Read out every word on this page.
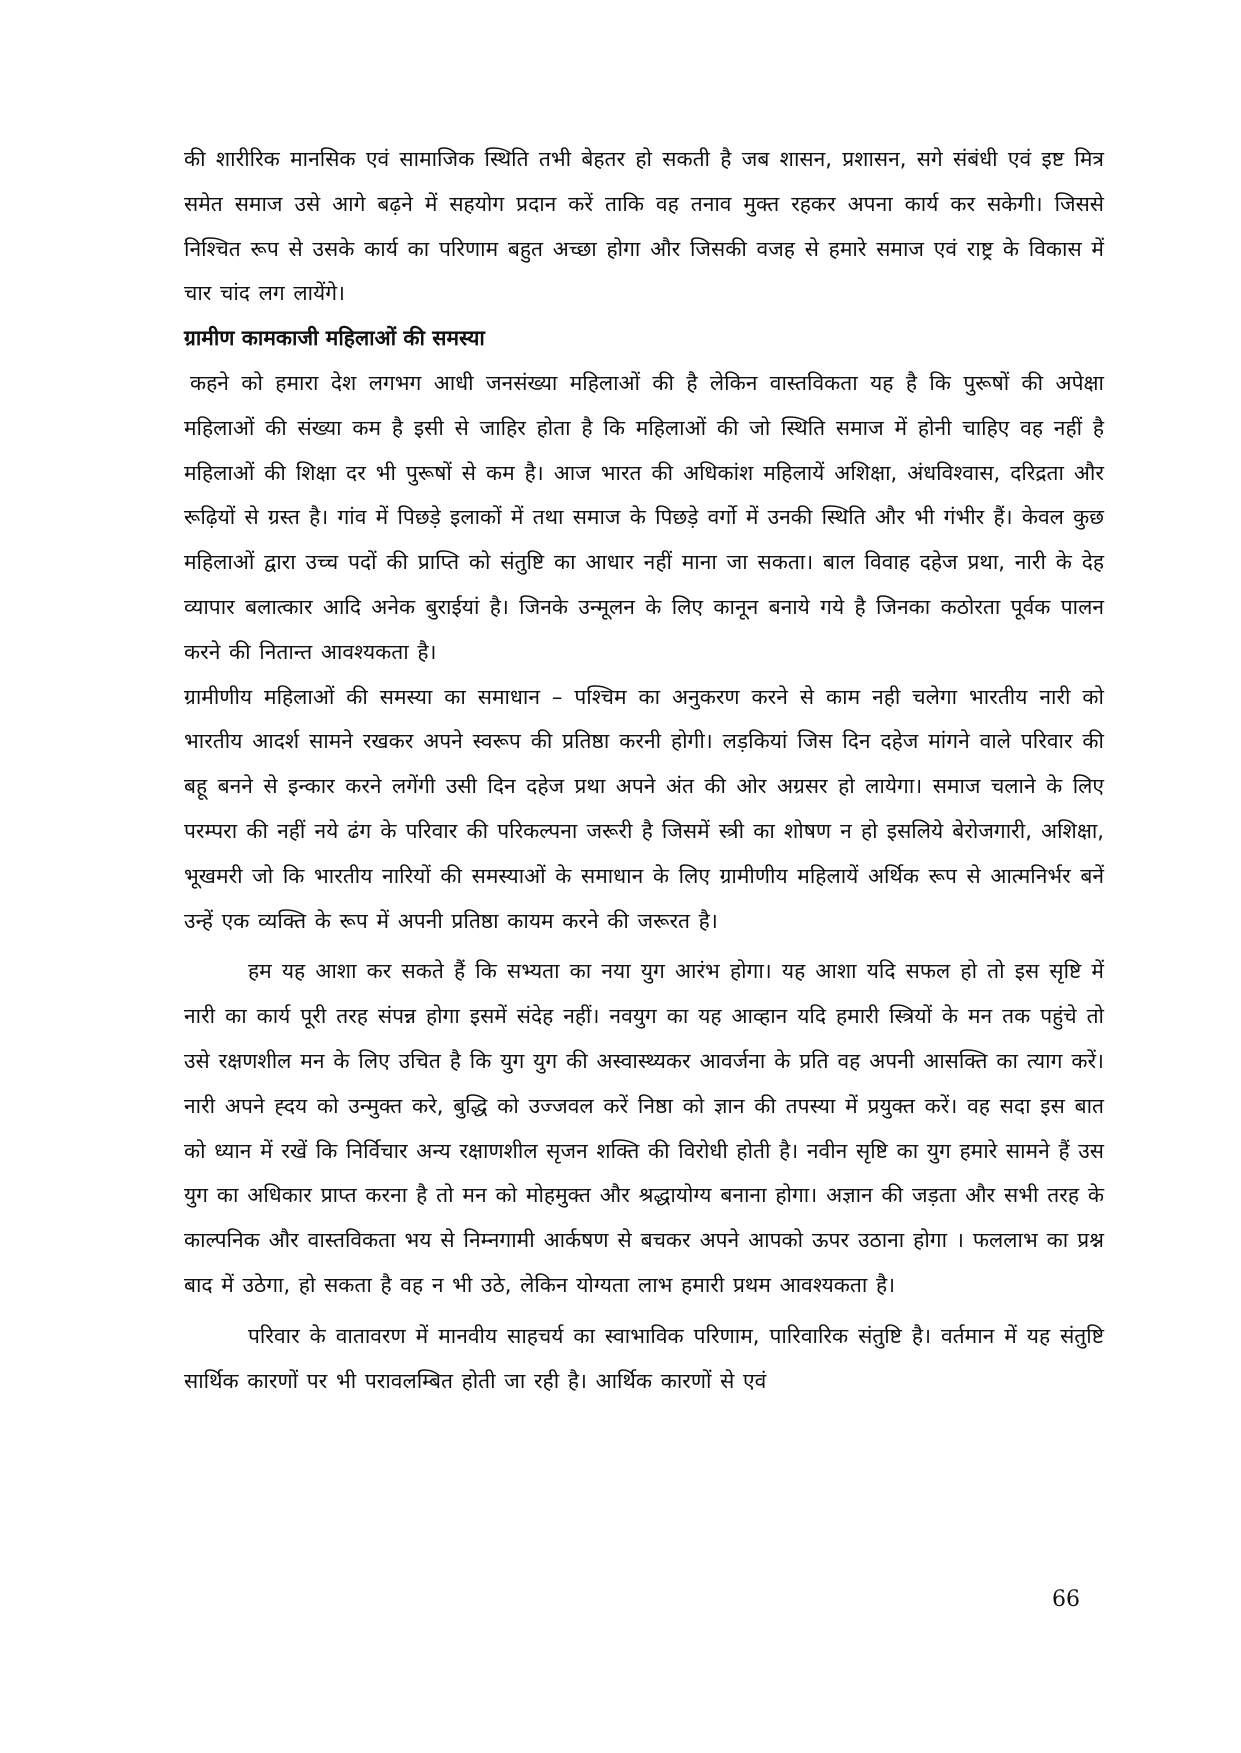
की शारीरिक मानसिक एवं सामाजिक स्थिति तभी बेहतर हो सकती है जब शासन, प्रशासन, सगे संबंधी एवं इष्ट मित्र समेत समाज उसे आगे बढ़ने में सहयोग प्रदान करें ताकि वह तनाव मुक्त रहकर अपना कार्य कर सकेगी। जिससे निश्चित रूप से उसके कार्य का परिणाम बहुत अच्छा होगा और जिसकी वजह से हमारे समाज एवं राष्ट्र के विकास में चार चांद लग लायेंगे।

ग्रामीण कामकाजी महिलाओं की समस्या

कहने को हमारा देश लगभग आधी जनसंख्या महिलाओं की है लेकिन वास्तविकता यह है कि पुरूषों की अपेक्षा महिलाओं की संख्या कम है इसी से जाहिर होता है कि महिलाओं की जो स्थिति समाज में होनी चाहिए वह नहीं है महिलाओं की शिक्षा दर भी पुरूषों से कम है। आज भारत की अधिकांश महिलायें अशिक्षा, अंधविश्वास, दरिद्रता और रूढ़ियों से ग्रस्त है। गांव में पिछड़े इलाकों में तथा समाज के पिछड़े वर्गो में उनकी स्थिति और भी गंभीर हैं। केवल कुछ महिलाओं द्वारा उच्च पदों की प्राप्ति को संतुष्टि का आधार नहीं माना जा सकता। बाल विवाह दहेज प्रथा, नारी के देह व्यापार बलात्कार आदि अनेक बुराईयां है। जिनके उन्मूलन के लिए कानून बनाये गये है जिनका कठोरता पूर्वक पालन करने की नितान्त आवश्यकता है।

ग्रामीणीय महिलाओं की समस्या का समाधान – पश्चिम का अनुकरण करने से काम नही चलेगा भारतीय नारी को भारतीय आदर्श सामने रखकर अपने स्वरूप की प्रतिष्ठा करनी होगी। लड़कियां जिस दिन दहेज मांगने वाले परिवार की बहू बनने से इन्कार करने लगेंगी उसी दिन दहेज प्रथा अपने अंत की ओर अग्रसर हो लायेगा। समाज चलाने के लिए परम्परा की नहीं नये ढंग के परिवार की परिकल्पना जरूरी है जिसमें स्त्री का शोषण न हो इसलिये बेरोजगारी, अशिक्षा, भूखमरी जो कि भारतीय नारियों की समस्याओं के समाधान के लिए ग्रामीणीय महिलायें अर्थिक रूप से आत्मनिर्भर बनें उन्हें एक व्यक्ति के रूप में अपनी प्रतिष्ठा कायम करने की जरूरत है।

हम यह आशा कर सकते हैं कि सभ्यता का नया युग आरंभ होगा। यह आशा यदि सफल हो तो इस सृष्टि में नारी का कार्य पूरी तरह संपन्न होगा इसमें संदेह नहीं। नवयुग का यह आव्हान यदि हमारी स्त्रियों के मन तक पहुंचे तो उसे रक्षणशील मन के लिए उचित है कि युग युग की अस्वास्थ्यकर आवर्जना के प्रति वह अपनी आसक्ति का त्याग करें। नारी अपने ह्दय को उन्मुक्त करे, बुद्धि को उज्जवल करें निष्ठा को ज्ञान की तपस्या में प्रयुक्त करें। वह सदा इस बात को ध्यान में रखें कि निर्विचार अन्य रक्षाणशील सृजन शक्ति की विरोधी होती है। नवीन सृष्टि का युग हमारे सामने हैं उस युग का अधिकार प्राप्त करना है तो मन को मोहमुक्त और श्रद्धायोग्य बनाना होगा। अज्ञान की जड़ता और सभी तरह के काल्पनिक और वास्तविकता भय से निम्नगामी आर्कषण से बचकर अपने आपको ऊपर उठाना होगा । फललाभ का प्रश्न बाद में उठेगा, हो सकता है वह न भी उठे, लेकिन योग्यता लाभ हमारी प्रथम आवश्यकता है।

परिवार के वातावरण में मानवीय साहचर्य का स्वाभाविक परिणाम, पारिवारिक संतुष्टि है। वर्तमान में यह संतुष्टि सार्थिक कारणों पर भी परावलम्बित होती जा रही है। आर्थिक कारणों से एवं

66
